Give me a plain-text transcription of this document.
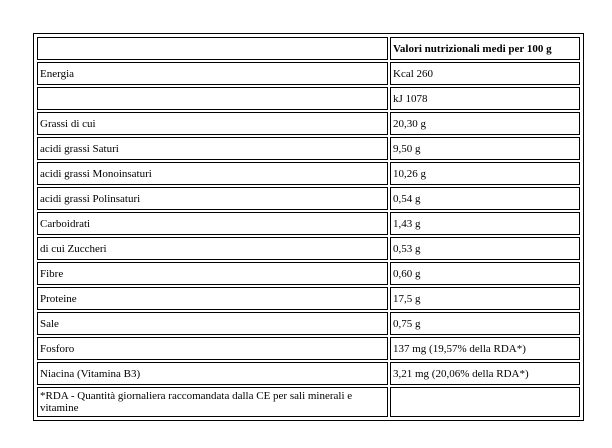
	Valori nutrizionali medi per 100 g
Energia	Kcal 260
	kJ 1078
Grassi di cui	20,30 g
acidi grassi Saturi	9,50 g
acidi grassi Monoinsaturi	10,26 g
acidi grassi Polinsaturi	0,54 g
Carboidrati	1,43 g
di cui Zuccheri	0,53 g
Fibre	0,60 g
Proteine	17,5 g
Sale	0,75 g
Fosforo	137 mg (19,57% della RDA*)
Niacina (Vitamina B3)	3,21 mg (20,06% della RDA*)
*RDA - Quantità giornaliera raccomandata dalla CE per sali minerali e vitamine	
